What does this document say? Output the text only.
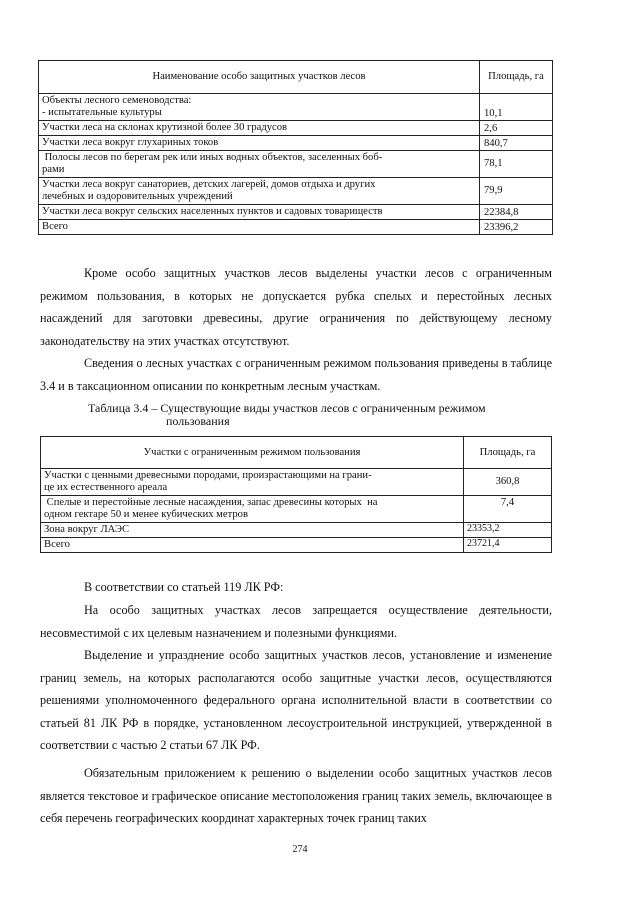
Наименование особо защитных участков лесов	Площадь, га

Объекты лесного семеноводства:
- испытательные культуры	10,1
Участки леса на склонах крутизной более 30 градусов	2,6
Участки леса вокруг глухариных токов	840,7

Полосы лесов по берегам рек или иных водных объектов, заселенных боб-
рами	78,1

Участки леса вокруг санаториев, детских лагерей, домов отдыха и других
лечебных и оздоровительных учреждений	79,9
Участки леса вокруг сельских населенных пунктов и садовых товариществ	22384,8
Всего	23396,2

Кроме особо защитных участков лесов выделены участки лесов с ограниченным режимом пользования, в которых не допускается рубка спелых и перестойных лесных насаждений для заготовки древесины, другие ограничения по действующему лесному законодательству на этих участках отсутствуют.

Сведения о лесных участках с ограниченным режимом пользования приведены в таблице 3.4 и в таксационном описании по конкретным лесным участкам.

Таблица 3.4 – Существующие виды участков лесов с ограниченным режимом
пользования
Участки с ограниченным режимом пользования	Площадь, га

Участки с ценными древесными породами, произрастающими на грани-
це их естественного ареала	360,8

Спелые и перестойные лесные насаждения, запас древесины которых  на
одном гектаре 50 и менее кубических метров	7,4
Зона вокруг ЛАЭС	23353,2
Всего	23721,4

В соответствии со статьей 119 ЛК РФ:

На особо защитных участках лесов запрещается осуществление деятельности, несовместимой с их целевым назначением и полезными функциями.

Выделение и упразднение особо защитных участков лесов, установление и изменение границ земель, на которых располагаются особо защитные участки лесов, осуществляются решениями уполномоченного федерального органа исполнительной власти в соответствии со статьей 81 ЛК РФ в порядке, установленном лесоустроительной инструкцией, утвержденной в соответствии с частью 2 статьи 67 ЛК РФ.

Обязательным приложением к решению о выделении особо защитных участков лесов является текстовое и графическое описание местоположения границ таких земель, включающее в себя перечень географических координат характерных точек границ таких

274
